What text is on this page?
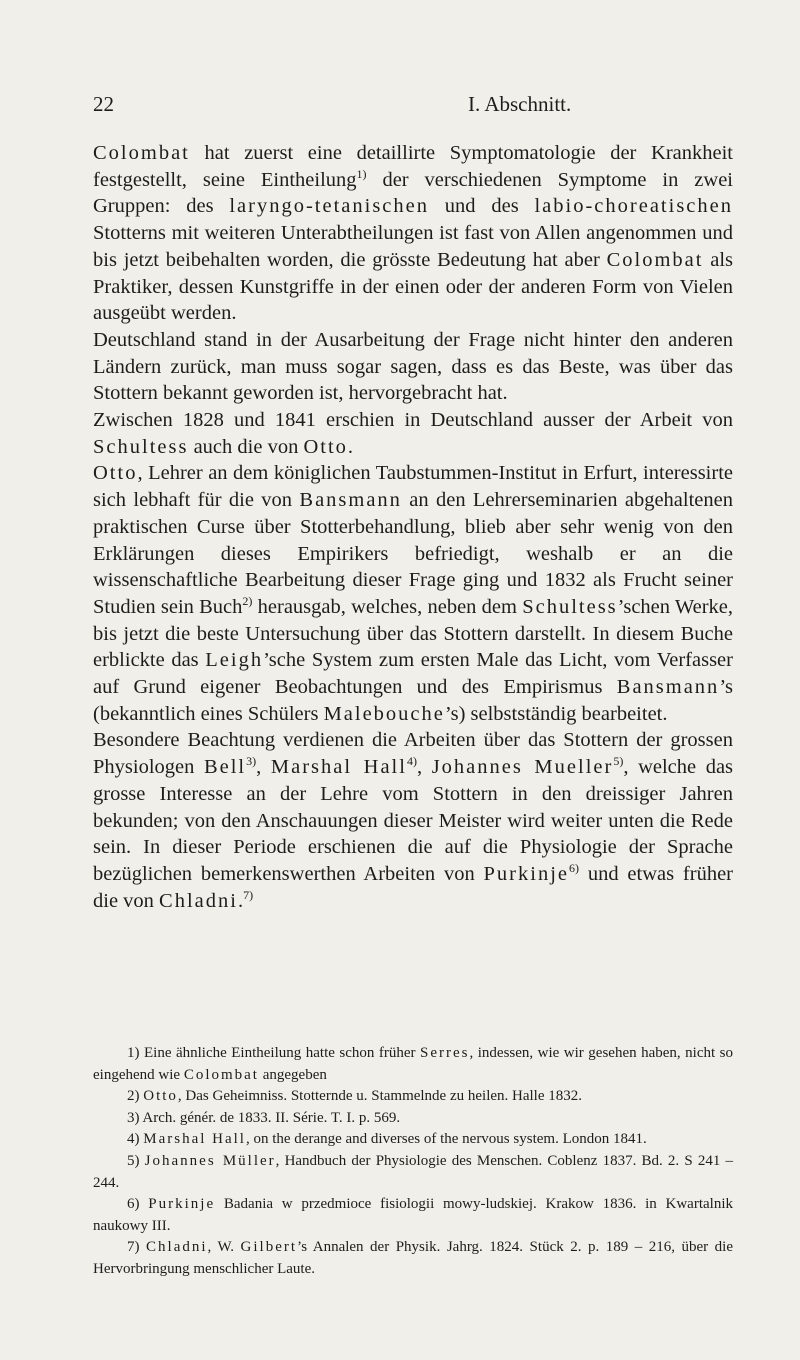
22	I. Abschnitt.

Colombat hat zuerst eine detaillirte Symptomatologie der Krankheit festgestellt, seine Eintheilung$^{1)}$ der verschiedenen Symptome in zwei Gruppen: des laryngo-tetanischen und des labio-choreatischen Stotterns mit weiteren Unterabtheilungen ist fast von Allen angenommen und bis jetzt beibehalten worden, die grösste Bedeutung hat aber Colombat als Praktiker, dessen Kunstgriffe in der einen oder der anderen Form von Vielen ausgeübt werden.

Deutschland stand in der Ausarbeitung der Frage nicht hinter den anderen Ländern zurück, man muss sogar sagen, dass es das Beste, was über das Stottern bekannt geworden ist, hervorgebracht hat.

Zwischen 1828 und 1841 erschien in Deutschland ausser der Arbeit von Schultess auch die von Otto.

Otto, Lehrer an dem königlichen Taubstummen-Institut in Erfurt, interessirte sich lebhaft für die von Bansmann an den Lehrerseminarien abgehaltenen praktischen Curse über Stotterbehandlung, blieb aber sehr wenig von den Erklärungen dieses Empirikers befriedigt, weshalb er an die wissenschaftliche Bearbeitung dieser Frage ging und 1832 als Frucht seiner Studien sein Buch$^{2)}$ herausgab, welches, neben dem Schultess’schen Werke, bis jetzt die beste Untersuchung über das Stottern darstellt. In diesem Buche erblickte das Leigh’sche System zum ersten Male das Licht, vom Verfasser auf Grund eigener Beobachtungen und des Empirismus Bansmann’s (bekanntlich eines Schülers Malebouche’s) selbstständig bearbeitet.

Besondere Beachtung verdienen die Arbeiten über das Stottern der grossen Physiologen Bell$^{3)}$, Marshal Hall$^{4)}$, Johannes Mueller$^{5)}$, welche das grosse Interesse an der Lehre vom Stottern in den dreissiger Jahren bekunden; von den Anschauungen dieser Meister wird weiter unten die Rede sein. In dieser Periode erschienen die auf die Physiologie der Sprache bezüglichen bemerkenswerthen Arbeiten von Purkinje$^{6)}$ und etwas früher die von Chladni.$^{7)}$

1) Eine ähnliche Eintheilung hatte schon früher Serres, indessen, wie wir gesehen haben, nicht so eingehend wie Colombat angegeben

2) Otto, Das Geheimniss. Stotternde u. Stammelnde zu heilen. Halle 1832.

3) Arch. génér. de 1833. II. Série. T. I. p. 569.

4) Marshal Hall, on the derange and diverses of the nervous system. London 1841.

5) Johannes Müller, Handbuch der Physiologie des Menschen. Coblenz 1837. Bd. 2. S 241 – 244.

6) Purkinje Badania w przedmioce fisiologii mowy-ludskiej. Krakow 1836. in Kwartalnik naukowy III.

7) Chladni, W. Gilbert’s Annalen der Physik. Jahrg. 1824. Stück 2. p. 189 – 216, über die Hervorbringung menschlicher Laute.
